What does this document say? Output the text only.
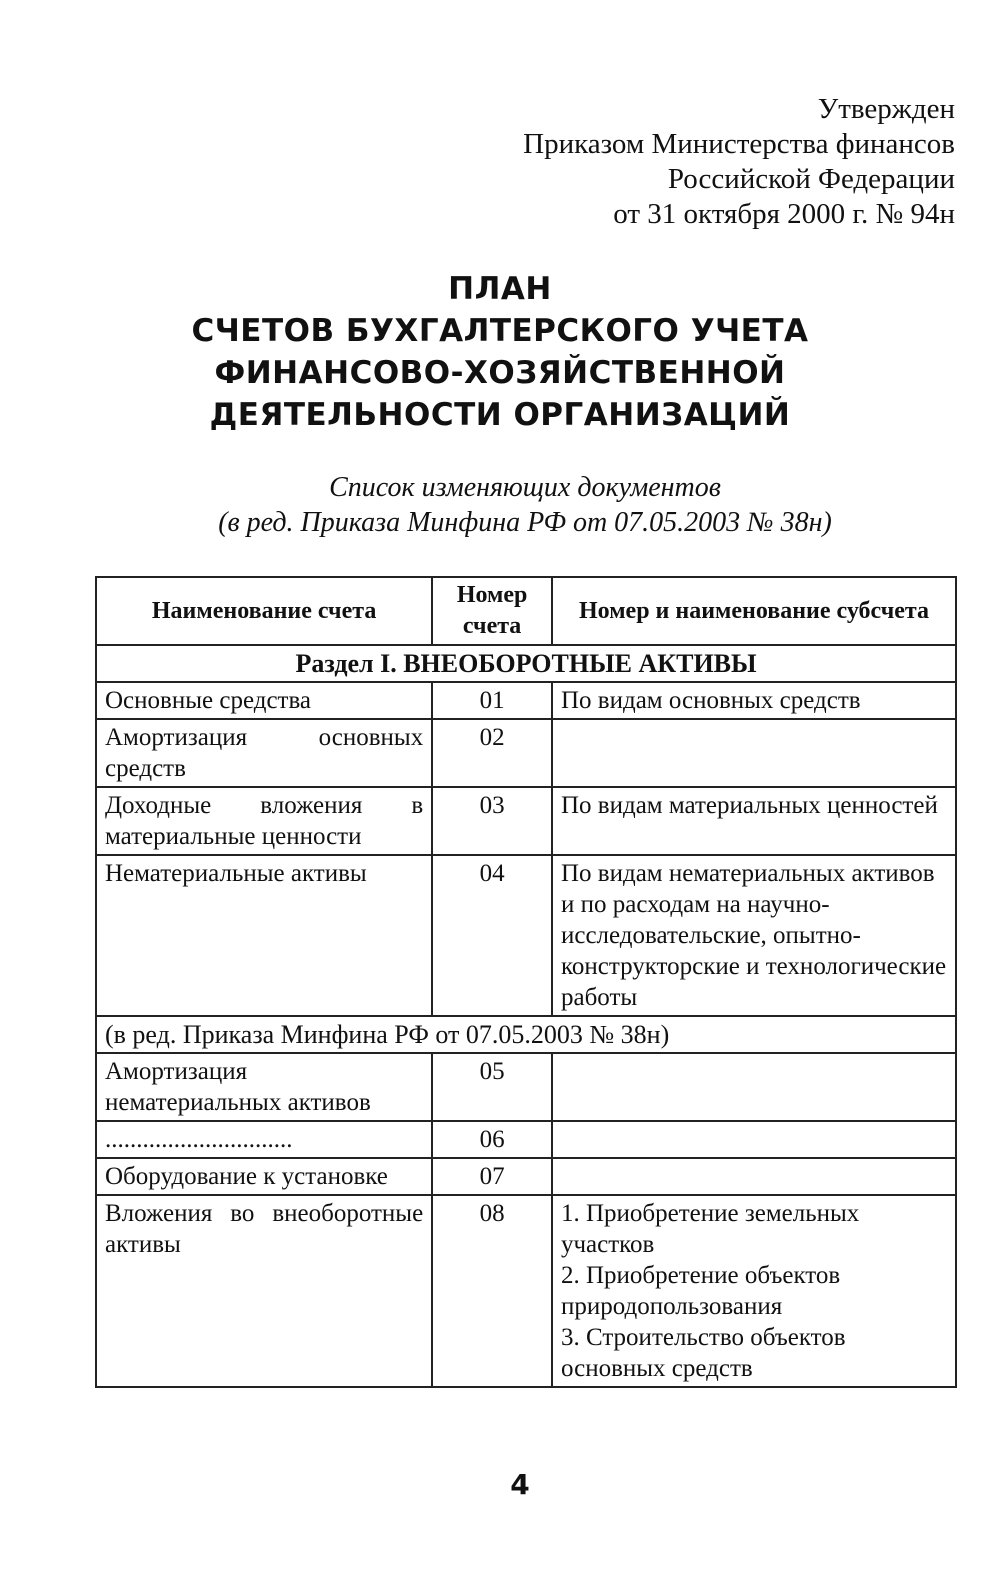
Утвержден
Приказом Министерства финансов
Российской Федерации
от 31 октября 2000 г. № 94н
ПЛАН
СЧЕТОВ БУХГАЛТЕРСКОГО УЧЕТА
ФИНАНСОВО-ХОЗЯЙСТВЕННОЙ
ДЕЯТЕЛЬНОСТИ ОРГАНИЗАЦИЙ
Список изменяющих документов
(в ред. Приказа Минфина РФ от 07.05.2003 № 38н)
Наименование счета	Номер счета	Номер и наименование субсчета
Раздел I. ВНЕОБОРОТНЫЕ АКТИВЫ		
Основные средства	01	По видам основных средств
Амортизация основных средств	02	
Доходные вложения в материальные ценности	03	По видам материальных ценностей
Нематериальные активы	04	По видам нематериальных активов и по расходам на научно-исследовательские, опытно-конструкторские и технологические работы
(в ред. Приказа Минфина РФ от 07.05.2003 № 38н)		
Амортизация нематериальных активов	05	
..............................	06	
Оборудование к установке	07	
Вложения во внеоборотные активы	08	1. Приобретение земельных участков
2. Приобретение объектов природопользования
3. Строительство объектов основных средств
4
